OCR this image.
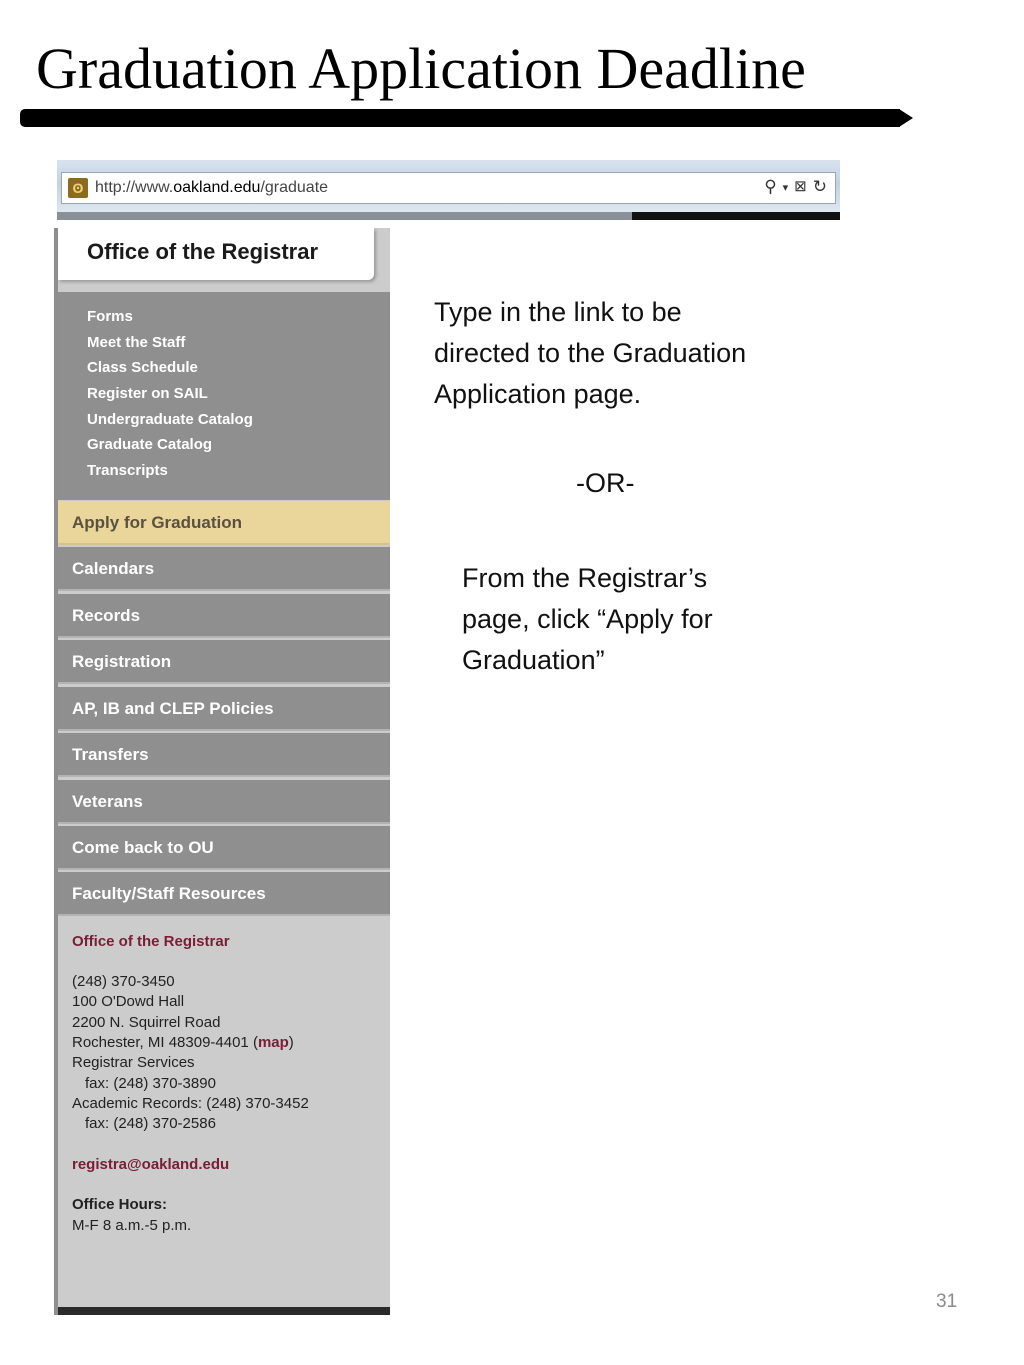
Graduation Application Deadline
ʘ http://www.oakland.edu/graduate	⚲ ▾ ⊠ ↻
Office of the Registrar
Forms
Meet the Staff
Class Schedule
Register on SAIL
Undergraduate Catalog
Graduate Catalog
Transcripts
Apply for Graduation
Calendars
Records
Registration
AP, IB and CLEP Policies
Transfers
Veterans
Come back to OU
Faculty/Staff Resources
Office of the Registrar
(248) 370-3450
100 O'Dowd Hall
2200 N. Squirrel Road
Rochester, MI 48309-4401 (map)
Registrar Services
fax: (248) 370-3890
Academic Records: (248) 370-3452
fax: (248) 370-2586
registra@oakland.edu
Office Hours:
M-F 8 a.m.-5 p.m.
Type in the link to be
directed to the Graduation
Application page.
-OR-
From the Registrar’s
page, click “Apply for
Graduation”
31
